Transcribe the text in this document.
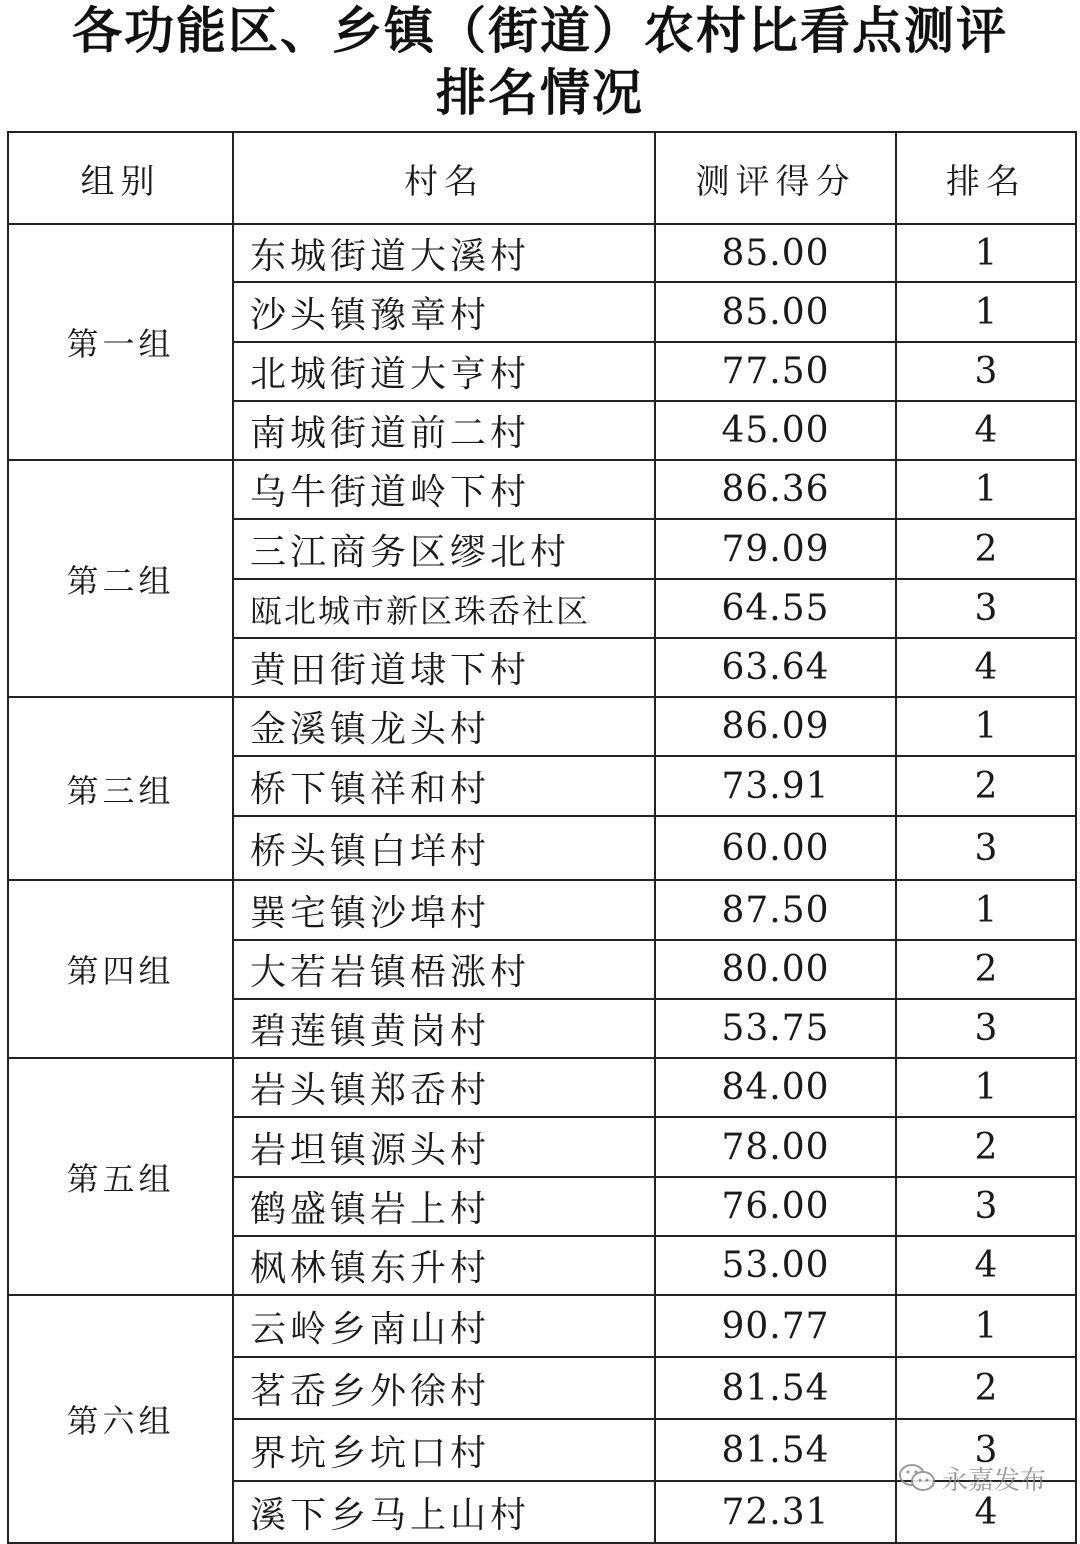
各功能区、乡镇（街道）农村比看点测评
排名情况
组别	村名	测评得分	排名
第一组	东城街道大溪村	85.00	1
	沙头镇豫章村	85.00	1
	北城街道大亨村	77.50	3
	南城街道前二村	45.00	4
第二组	乌牛街道岭下村	86.36	1
	三江商务区缪北村	79.09	2
	瓯北城市新区珠岙社区	64.55	3
	黄田街道埭下村	63.64	4
第三组	金溪镇龙头村	86.09	1
	桥下镇祥和村	73.91	2
	桥头镇白垟村	60.00	3
第四组	巽宅镇沙埠村	87.50	1
	大若岩镇梧涨村	80.00	2
	碧莲镇黄岗村	53.75	3
第五组	岩头镇郑岙村	84.00	1
	岩坦镇源头村	78.00	2
	鹤盛镇岩上村	76.00	3
	枫林镇东升村	53.00	4
第六组	云岭乡南山村	90.77	1
	茗岙乡外徐村	81.54	2
	界坑乡坑口村	81.54	3
	溪下乡马上山村	72.31	4
永嘉发布
